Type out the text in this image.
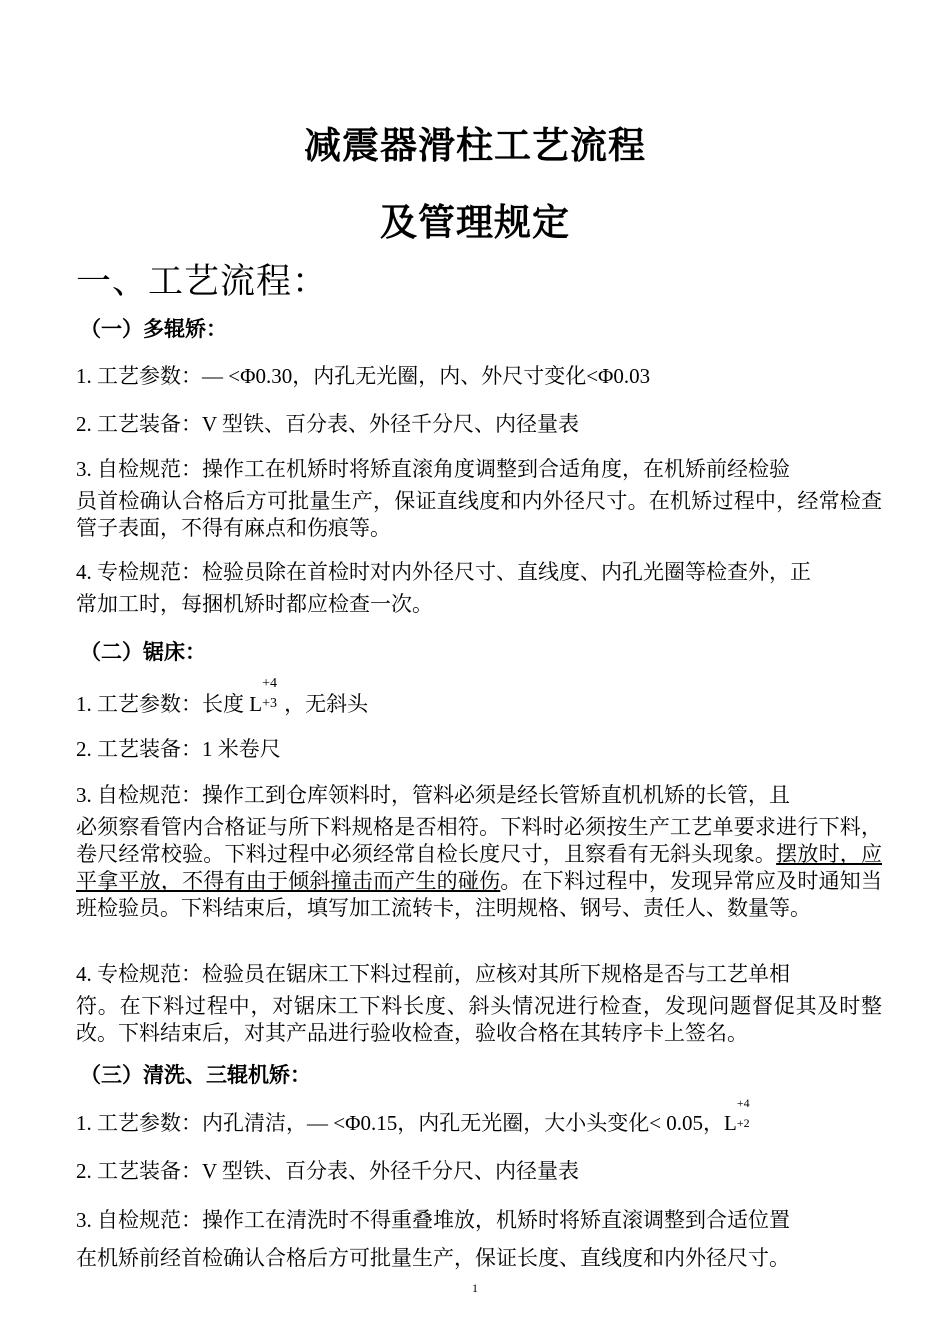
减震器滑柱工艺流程
及管理规定
一、工艺流程：
（一）多辊矫：
1. 工艺参数：— <Φ0.30，内孔无光圈，内、外尺寸变化<Φ0.03
2. 工艺装备：V 型铁、百分表、外径千分尺、内径量表
3. 自检规范：操作工在机矫时将矫直滚角度调整到合适角度，在机矫前经检验
员首检确认合格后方可批量生产，保证直线度和内外径尺寸。在机矫过程中，经常检查管子表面，不得有麻点和伤痕等。
4. 专检规范：检验员除在首检时对内外径尺寸、直线度、内孔光圈等检查外，正
常加工时，每捆机矫时都应检查一次。
（二）锯床：
1. 工艺参数：长度 L
+4
+3 ，无斜头
2. 工艺装备：1 米卷尺
3. 自检规范：操作工到仓库领料时，管料必须是经长管矫直机机矫的长管，且
必须察看管内合格证与所下料规格是否相符。下料时必须按生产工艺单要求进行下料，卷尺经常校验。下料过程中必须经常自检长度尺寸，且察看有无斜头现象。摆放时，应平拿平放，不得有由于倾斜撞击而产生的碰伤。在下料过程中，发现异常应及时通知当班检验员。下料结束后，填写加工流转卡，注明规格、钢号、责任人、数量等。
4. 专检规范：检验员在锯床工下料过程前，应核对其所下规格是否与工艺单相
符。在下料过程中，对锯床工下料长度、斜头情况进行检查，发现问题督促其及时整改。下料结束后，对其产品进行验收检查，验收合格在其转序卡上签名。
（三）清洗、三辊机矫：
1. 工艺参数：内孔清洁，— <Φ0.15，内孔无光圈，大小头变化< 0.05，L
+4
+2
2. 工艺装备：V 型铁、百分表、外径千分尺、内径量表
3. 自检规范：操作工在清洗时不得重叠堆放，机矫时将矫直滚调整到合适位置
在机矫前经首检确认合格后方可批量生产，保证长度、直线度和内外径尺寸。
1
